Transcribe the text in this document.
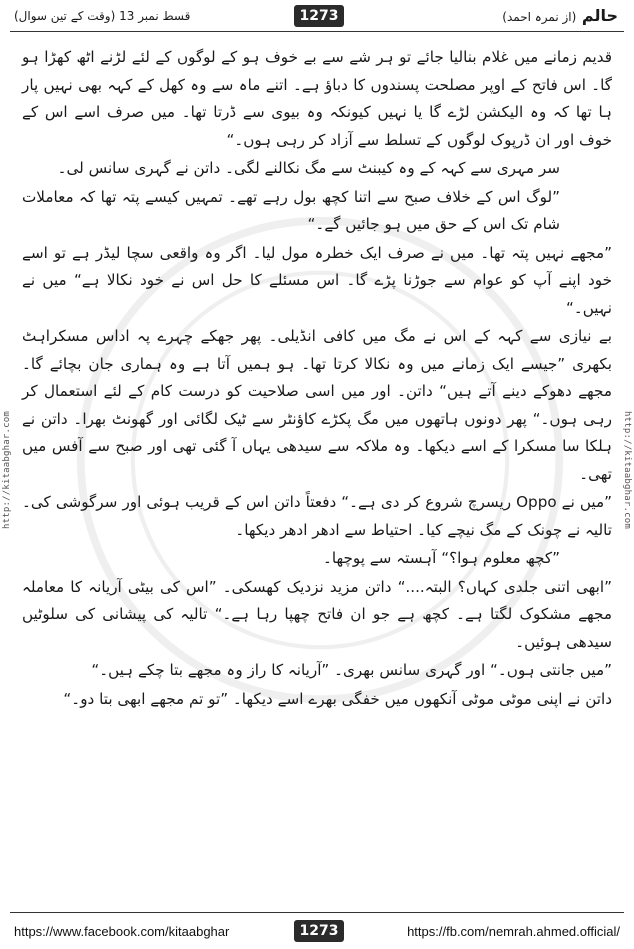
قسط نمبر 13 (وقت کے تین سوال)	1273	حالم (از نمرہ احمد)
http://kitaabghar.com	http://kitaabghar.com

قدیم زمانے میں غلام بنالیا جائے تو ہر شے سے بے خوف ہو کے لوگوں کے لئے لڑنے اٹھ کھڑا ہو گا۔ اس فاتح کے اوپر مصلحت پسندوں کا دباؤ ہے۔ اتنے ماہ سے وہ کھل کے کہہ بھی نہیں پار ہا تھا کہ وہ الیکشن لڑے گا یا نہیں کیونکہ وہ بیوی سے ڈرتا تھا۔ میں صرف اسے اس کے خوف اور ان ڈرپوک لوگوں کے تسلط سے آزاد کر رہی ہوں۔“

سر مہری سے کہہ کے وہ کیبنٹ سے مگ نکالنے لگی۔ داتن نے گہری سانس لی۔

”لوگ اس کے خلاف صبح سے اتنا کچھ بول رہے تھے۔ تمہیں کیسے پتہ تھا کہ معاملات شام تک اس کے حق میں ہو جائیں گے۔“

”مجھے نہیں پتہ تھا۔ میں نے صرف ایک خطرہ مول لیا۔ اگر وہ واقعی سچا لیڈر ہے تو اسے خود اپنے آپ کو عوام سے جوڑنا پڑے گا۔ اس مسئلے کا حل اس نے خود نکالا ہے“ میں نے نہیں۔“

بے نیازی سے کہہ کے اس نے مگ میں کافی انڈیلی۔ پھر جھکے چہرے پہ اداس مسکراہٹ بکھری ”جیسے ایک زمانے میں وہ نکالا کرتا تھا۔ ہو ہمیں آتا ہے وہ ہماری جان بچائے گا۔ مجھے دھوکے دینے آتے ہیں“ داتن۔ اور میں اسی صلاحیت کو درست کام کے لئے استعمال کر رہی ہوں۔“ پھر دونوں ہاتھوں میں مگ پکڑے کاؤنٹر سے ٹیک لگائی اور گھونٹ بھرا۔ داتن نے ہلکا سا مسکرا کے اسے دیکھا۔ وہ ملاکہ سے سیدھی یہاں آ گئی تھی اور صبح سے آفس میں تھی۔

”میں نے Oppo ریسرچ شروع کر دی ہے۔“ دفعتاً داتن اس کے قریب ہوئی اور سرگوشی کی۔ تالیہ نے چونک کے مگ نیچے کیا۔ احتیاط سے ادھر ادھر دیکھا۔

”کچھ معلوم ہوا؟“ آہستہ سے پوچھا۔

”ابھی اتنی جلدی کہاں؟ البتہ....“ داتن مزید نزدیک کھسکی۔ ”اس کی بیٹی آریانہ کا معاملہ مجھے مشکوک لگتا ہے۔ کچھ ہے جو ان فاتح چھپا رہا ہے۔“ تالیہ کی پیشانی کی سلوٹیں سیدھی ہوئیں۔

”میں جانتی ہوں۔“ اور گہری سانس بھری۔ ”آریانہ کا راز وہ مجھے بتا چکے ہیں۔“

داتن نے اپنی موٹی موٹی آنکھوں میں خفگی بھرے اسے دیکھا۔ ”تو تم مجھے ابھی بتا دو۔“

https://www.facebook.com/kitaabghar	1273	https://fb.com/nemrah.ahmed.official/
